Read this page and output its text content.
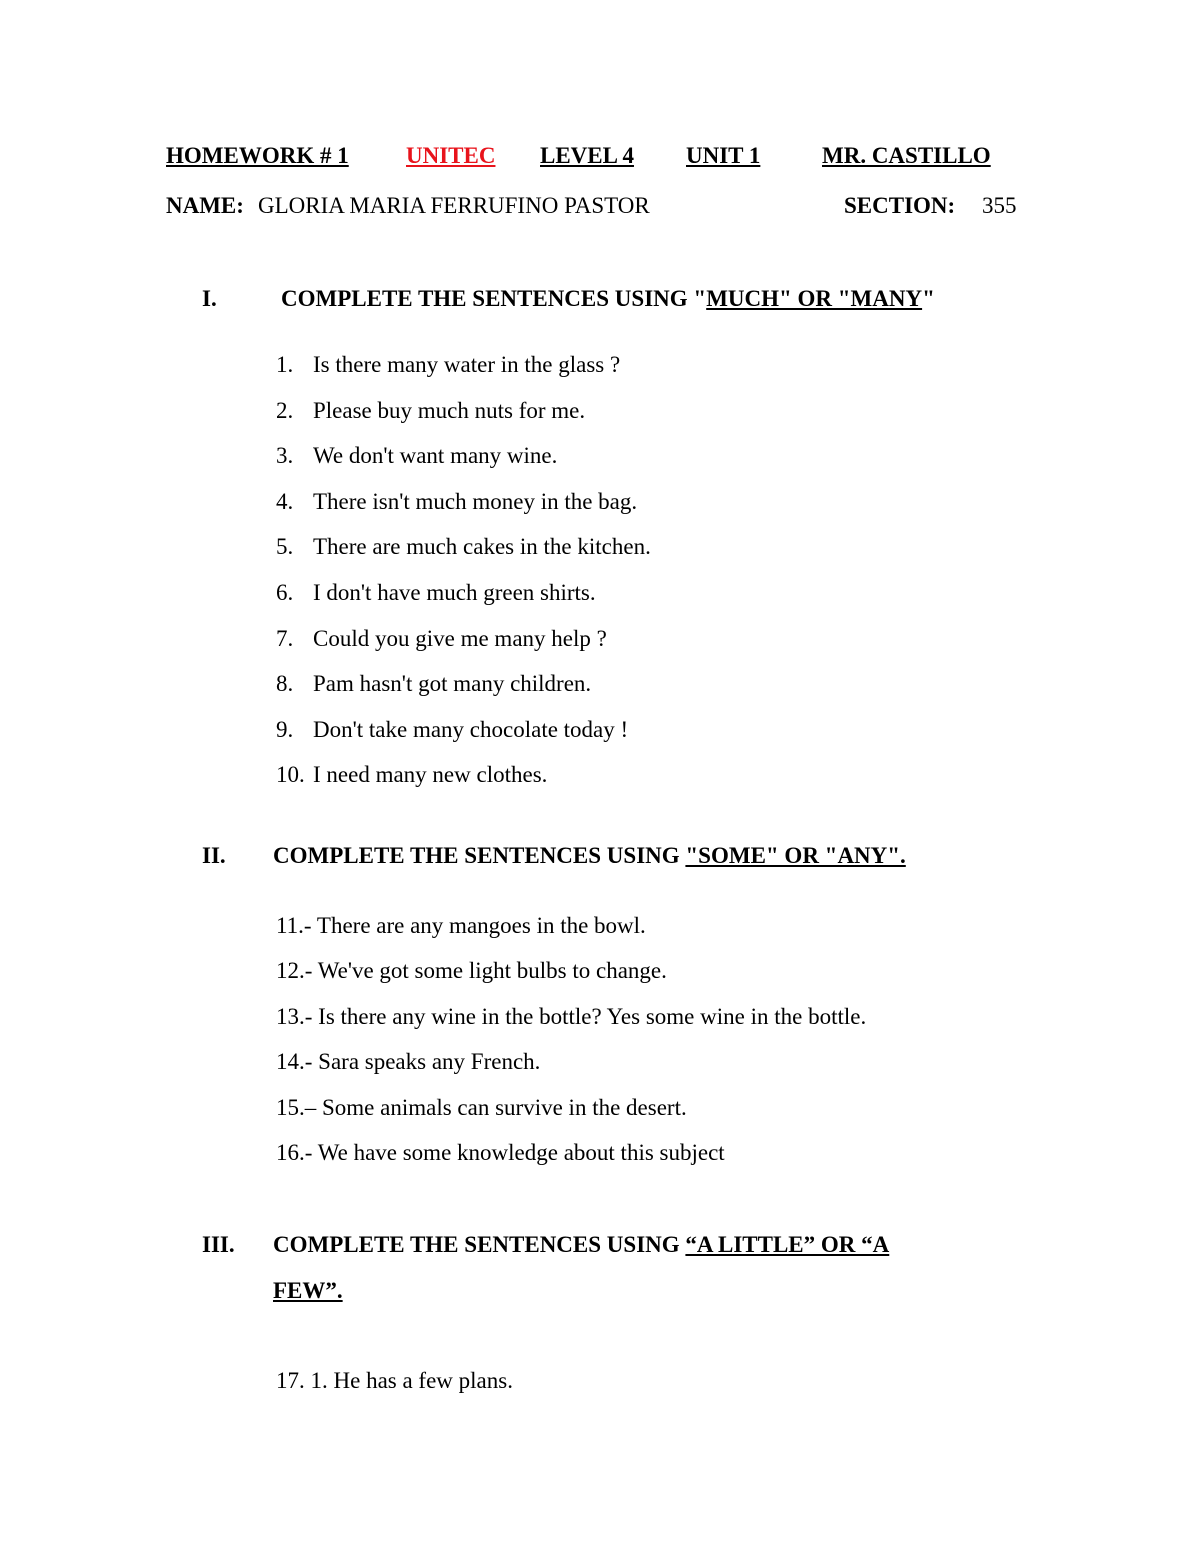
HOMEWORK # 1 UNITEC LEVEL 4 UNIT 1	MR. CASTILLO
NAME: GLORIA MARIA FERRUFINO PASTOR	SECTION: 355
I.	COMPLETE THE SENTENCES USING "MUCH" OR "MANY"
1. Is there many water in the glass ?
2. Please buy much nuts for me.
3. We don't want many wine.
4. There isn't much money in the bag.
5. There are much cakes in the kitchen.
6. I don't have much green shirts.
7. Could you give me many help ?
8. Pam hasn't got many children.
9. Don't take many chocolate today !
10. I need many new clothes.
II. COMPLETE THE SENTENCES USING "SOME" OR "ANY".
11.- There are any mangoes in the bowl.
12.- We've got some light bulbs to change.
13.- Is there any wine in the bottle? Yes some wine in the bottle.
14.- Sara speaks any French.
15.– Some animals can survive in the desert.
16.- We have some knowledge about this subject
III. COMPLETE THE SENTENCES USING “A LITTLE” OR “A
FEW”.
17. 1. He has a few plans.
